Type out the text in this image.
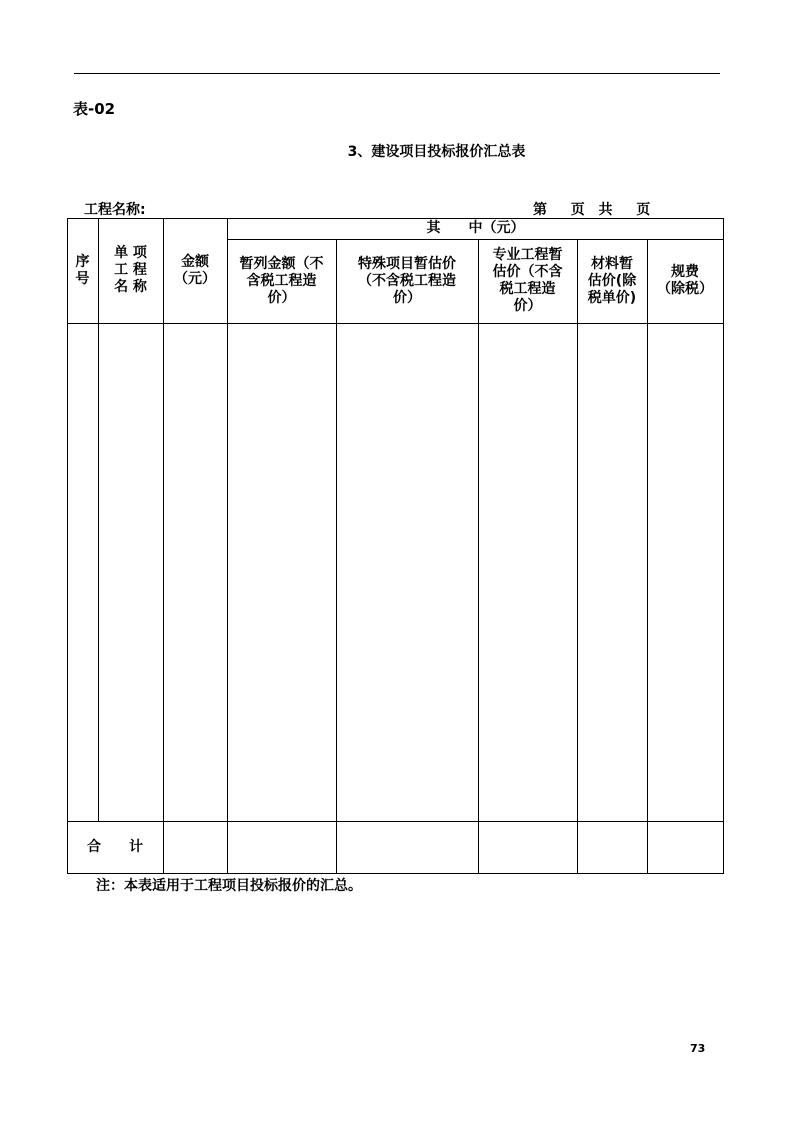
表-02
3、建设项目投标报价汇总表
工程名称:	第 页 共 页
其　　中（元）
序
号
单 项
工 程
名 称
金额
（元）
暂列金额（不
含税工程造
价）
特殊项目暂估价
（不含税工程造
价）
专业工程暂
估价（不含
税工程造
价）
材料暂
估价(除
税单价)
规费
（除税）
合　　计
注：本表适用于工程项目投标报价的汇总。
73
